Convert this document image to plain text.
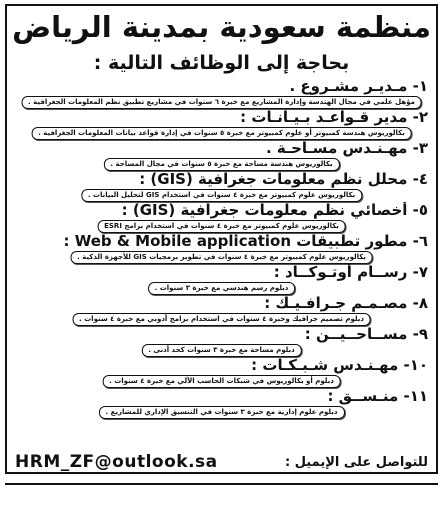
منظمة سعودية بمدينة الرياض
بحاجة إلى الوظائف التالية :
١- مـديـر مشـروع .
مؤهل علمي في مجال الهندسة وإدارة المشاريع مع خبرة ٦ سنوات في مشاريع تطبيق نظم المعلومات الجغرافية .
٢- مدير قـواعـد بـيـانـات :
بكالوريوس هندسة كمبيوتر أو علوم كمبيوتر مع خبرة ٥ سنوات في إدارة قواعد بيانات المعلومات الجغرافية .
٣- مهـنـدس مسـاحـة .
بكالوريوس هندسة مساحة مع خبرة ٥ سنوات في مجال المساحة .
٤- محلل نظم معلومات جغرافية (GIS) :
بكالوريوس علوم كمبيوتر مع خبرة ٤ سنوات في استخدام GIS لتحليل البيانات .
٥- أخصائي نظم معلومات جغرافية (GIS) :
بكالوريوس علوم كمبيوتر مع خبرة ٤ سنوات في استخدام برامج ESRI
٦- مطور تطبيقات Web & Mobile application :
بكالوريوس علوم كمبيوتر مع خبرة ٤ سنوات في تطوير برمجيات GIS للأجهزة الذكية .
٧- رســام أوتـوكــاد :
دبلوم رسم هندسي مع خبرة ٣ سنوات .
٨- مصـمـم جـرافـيـك :
دبلوم تصميم جرافيك وخبرة ٤ سنوات في استخدام برامج أدوبي مع خبرة ٤ سنوات .
٩- مســاحــيــن :
دبلوم مساحة مع خبرة ٣ سنوات كحد أدنى .
١٠- مهـنـدس شـبـكـات :
دبلوم أو بكالوريوس في شبكات الحاسب الآلي مع خبرة ٤ سنوات .
١١- منـســق :
دبلوم علوم إدارية مع خبرة ٣ سنوات في التنسيق الإداري للمشاريع .
للتواصل على الإيميل :
HRM_ZF@outlook.sa
